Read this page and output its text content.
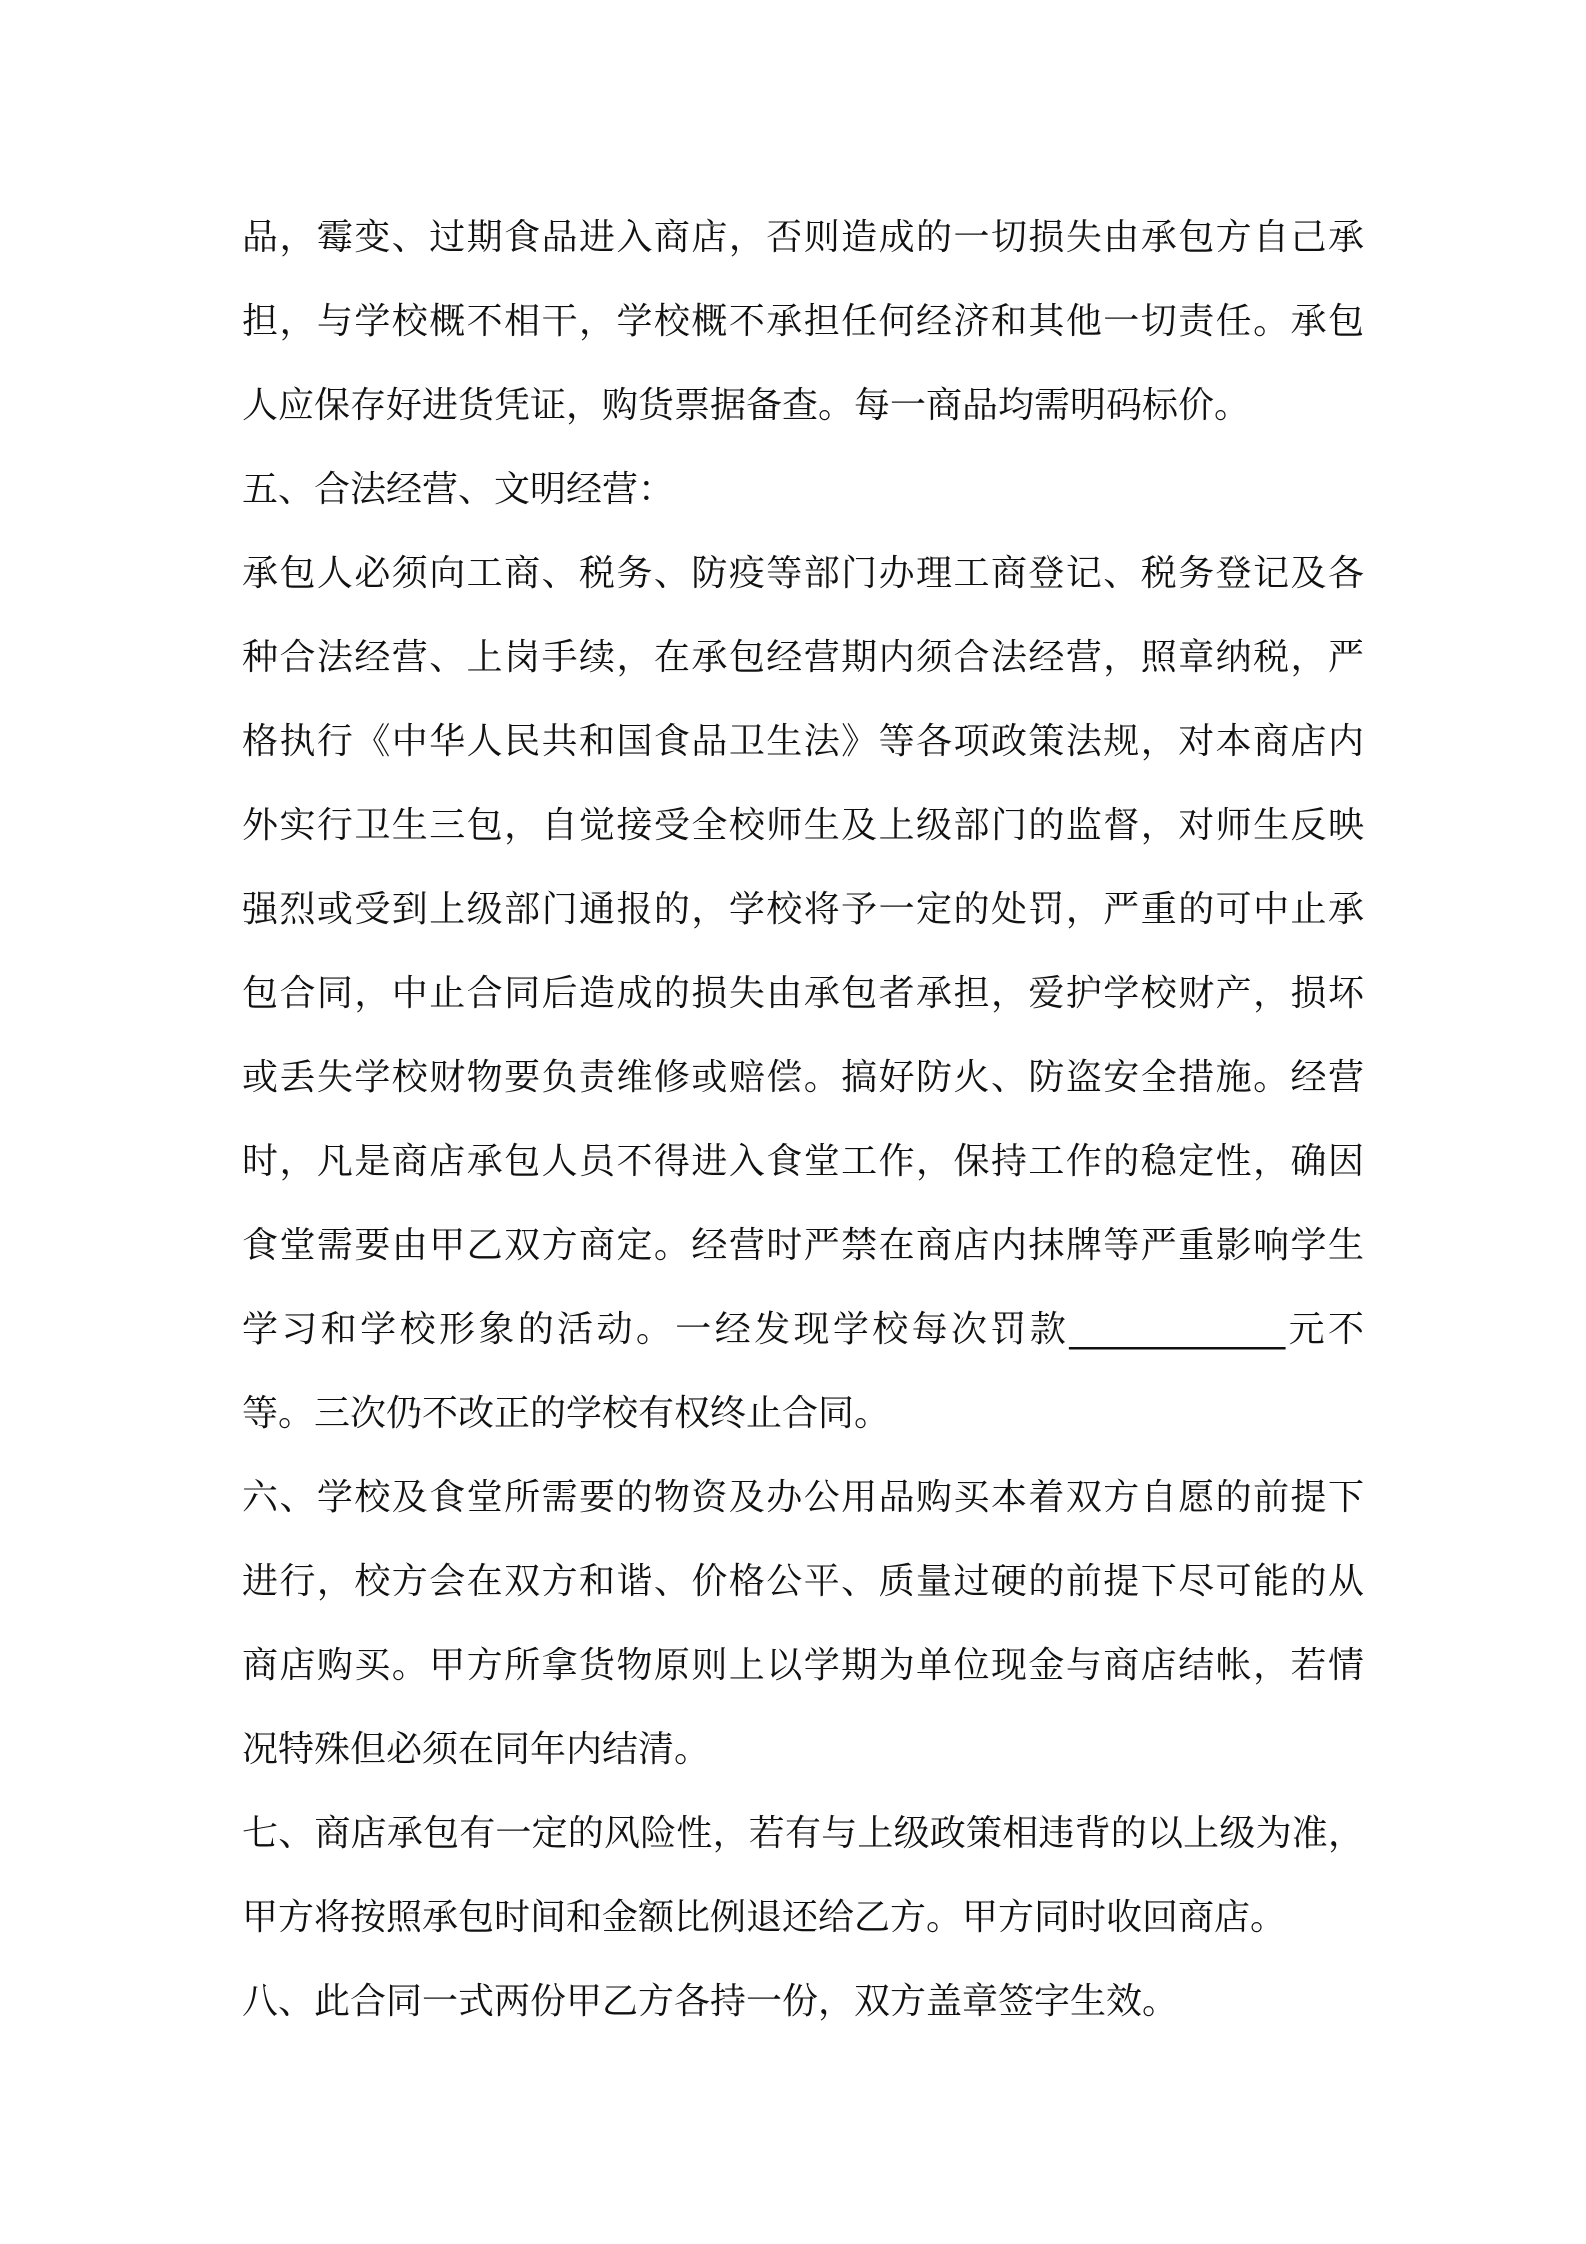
品，霉变、过期食品进入商店，否则造成的一切损失由承包方自己承
担，与学校概不相干，学校概不承担任何经济和其他一切责任。承包
人应保存好进货凭证，购货票据备查。每一商品均需明码标价。
五、合法经营、文明经营：
承包人必须向工商、税务、防疫等部门办理工商登记、税务登记及各
种合法经营、上岗手续，在承包经营期内须合法经营，照章纳税，严
格执行《中华人民共和国食品卫生法》等各项政策法规，对本商店内
外实行卫生三包，自觉接受全校师生及上级部门的监督，对师生反映
强烈或受到上级部门通报的，学校将予一定的处罚，严重的可中止承
包合同，中止合同后造成的损失由承包者承担，爱护学校财产，损坏
或丢失学校财物要负责维修或赔偿。搞好防火、防盗安全措施。经营
时，凡是商店承包人员不得进入食堂工作，保持工作的稳定性，确因
食堂需要由甲乙双方商定。经营时严禁在商店内抹牌等严重影响学生
学习和学校形象的活动。一经发现学校每次罚款____________元不
等。三次仍不改正的学校有权终止合同。
六、学校及食堂所需要的物资及办公用品购买本着双方自愿的前提下
进行，校方会在双方和谐、价格公平、质量过硬的前提下尽可能的从
商店购买。甲方所拿货物原则上以学期为单位现金与商店结帐，若情
况特殊但必须在同年内结清。
七、商店承包有一定的风险性，若有与上级政策相违背的以上级为准，
甲方将按照承包时间和金额比例退还给乙方。甲方同时收回商店。
八、此合同一式两份甲乙方各持一份，双方盖章签字生效。
